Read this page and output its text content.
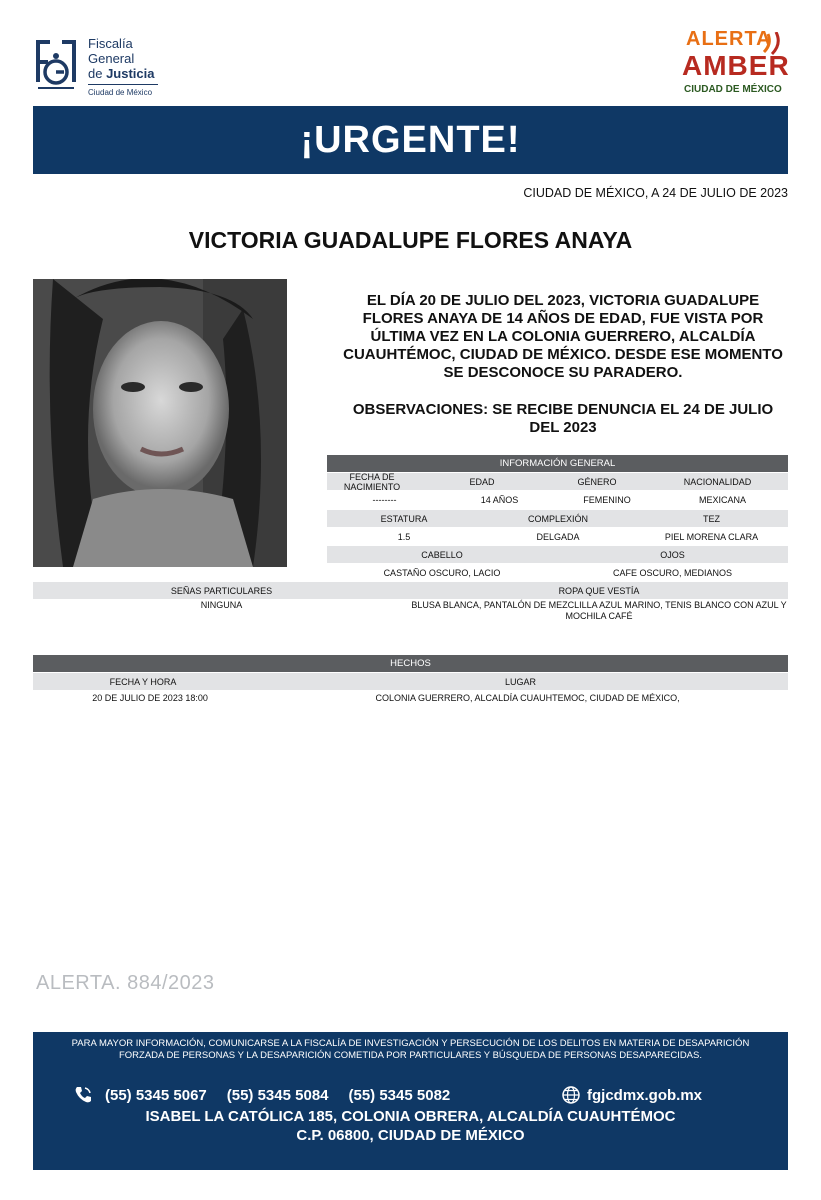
Fiscalía
General
de Justicia
Ciudad de México
ALERTA
AMBER
CIUDAD DE MÉXICO
¡URGENTE!
CIUDAD DE MÉXICO, A 24 DE JULIO DE 2023
VICTORIA GUADALUPE FLORES ANAYA
EL DÍA 20 DE JULIO DEL 2023, VICTORIA GUADALUPE FLORES ANAYA DE 14 AÑOS DE EDAD, FUE VISTA POR ÚLTIMA VEZ EN LA COLONIA GUERRERO, ALCALDÍA CUAUHTÉMOC, CIUDAD DE MÉXICO. DESDE ESE MOMENTO SE DESCONOCE SU PARADERO.
OBSERVACIONES: SE RECIBE DENUNCIA EL 24 DE JULIO DEL 2023
INFORMACIÓN GENERAL
FECHA DE NACIMIENTO	EDAD	GÉNERO	NACIONALIDAD
--------	14 AÑOS	FEMENINO	MEXICANA
ESTATURA	COMPLEXIÓN	TEZ
1.5	DELGADA	PIEL MORENA CLARA
CABELLO	OJOS
CASTAÑO OSCURO, LACIO	CAFE OSCURO, MEDIANOS
SEÑAS PARTICULARES	ROPA QUE VESTÍA
NINGUNA	BLUSA BLANCA, PANTALÓN DE MEZCLILLA AZUL MARINO, TENIS BLANCO CON AZUL Y MOCHILA CAFÉ
HECHOS
FECHA Y HORA	LUGAR
20 DE JULIO DE 2023 18:00	COLONIA GUERRERO, ALCALDÍA CUAUHTEMOC, CIUDAD DE MÉXICO,
ALERTA. 884/2023
PARA MAYOR INFORMACIÓN, COMUNICARSE A LA FISCALÍA DE INVESTIGACIÓN Y PERSECUCIÓN DE LOS DELITOS EN MATERIA DE DESAPARICIÓN FORZADA DE PERSONAS Y LA DESAPARICIÓN COMETIDA POR PARTICULARES Y BÚSQUEDA DE PERSONAS DESAPARECIDAS.
(55) 5345 5067 (55) 5345 5084 (55) 5345 5082	fgjcdmx.gob.mx
ISABEL LA CATÓLICA 185, COLONIA OBRERA, ALCALDÍA CUAUHTÉMOC
C.P. 06800, CIUDAD DE MÉXICO
